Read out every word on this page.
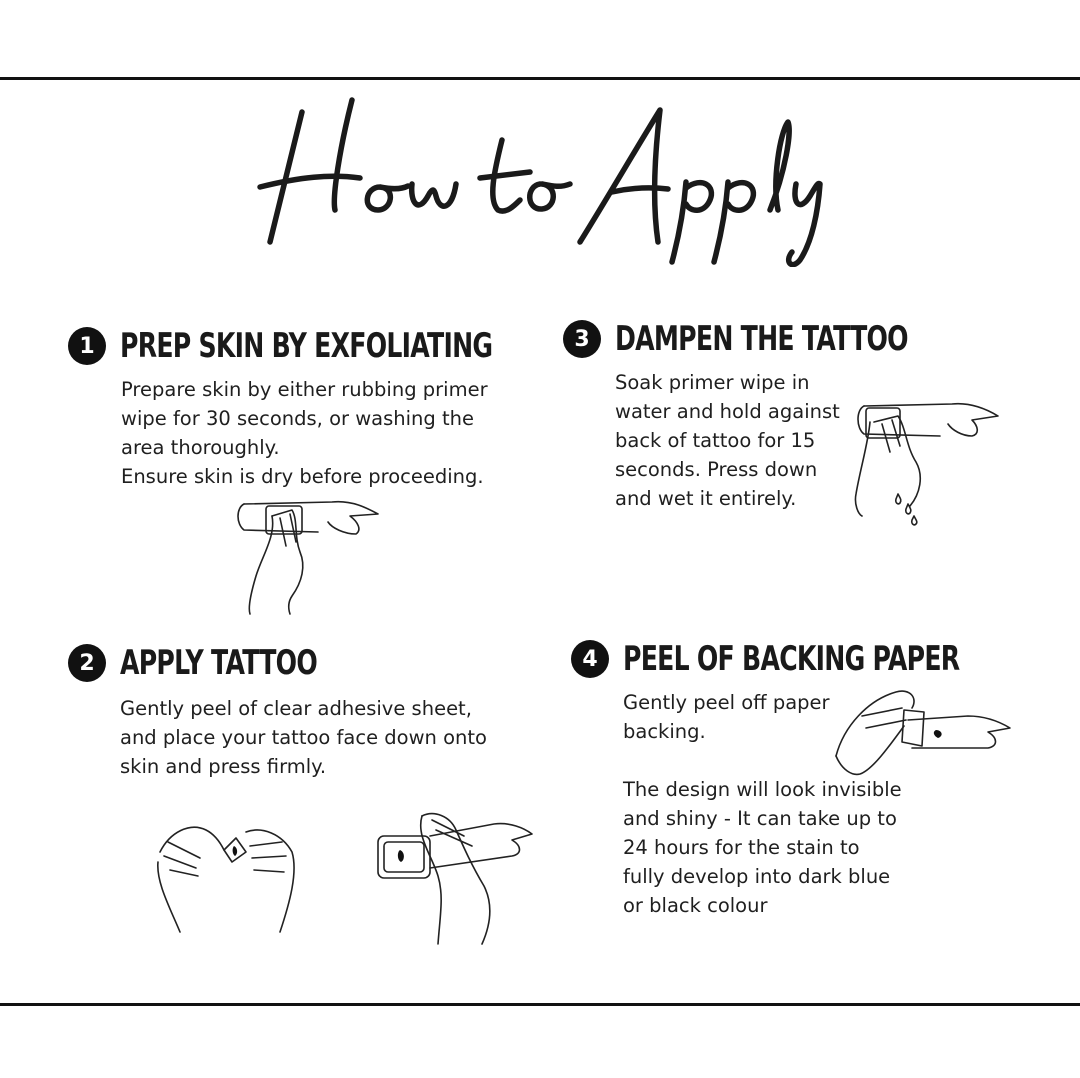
1 PREP SKIN BY EXFOLIATING
Prepare skin by either rubbing primer
wipe for 30 seconds, or washing the
area thoroughly.
Ensure skin is dry before proceeding.
2 APPLY TATTOO
Gently peel of clear adhesive sheet,
and place your tattoo face down onto
skin and press firmly.
3 DAMPEN THE TATTOO
Soak primer wipe in
water and hold against
back of tattoo for 15
seconds. Press down
and wet it entirely.
4 PEEL OF BACKING PAPER
Gently peel off paper
backing.
The design will look invisible
and shiny - It can take up to
24 hours for the stain to
fully develop into dark blue
or black colour
